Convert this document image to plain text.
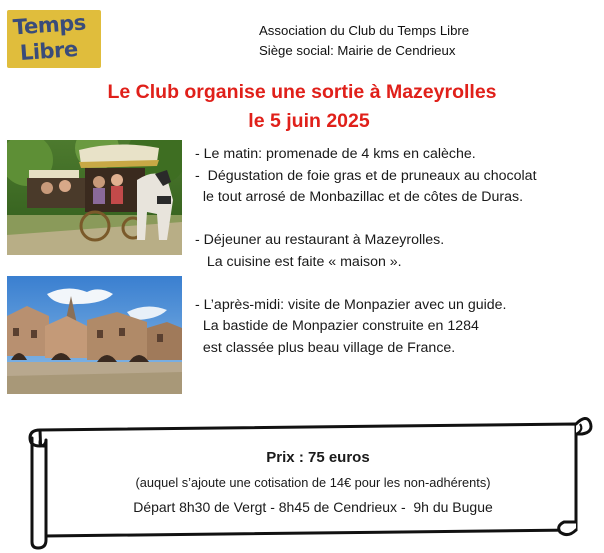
Temps
Libre
Association du Club du Temps Libre
Siège social: Mairie de Cendrieux
Le Club organise une sortie à Mazeyrolles
le 5 juin 2025
- Le matin: promenade de 4 kms en calèche.
-  Dégustation de foie gras et de pruneaux au chocolat
le tout arrosé de Monbazillac et de côtes de Duras.
- Déjeuner au restaurant à Mazeyrolles.
La cuisine est faite « maison ».
- L’après-midi: visite de Monpazier avec un guide.
La bastide de Monpazier construite en 1284
est classée plus beau village de France.
Prix : 75 euros
(auquel s’ajoute une cotisation de 14€ pour les non-adhérents)
Départ 8h30 de Vergt - 8h45 de Cendrieux -  9h du Bugue
